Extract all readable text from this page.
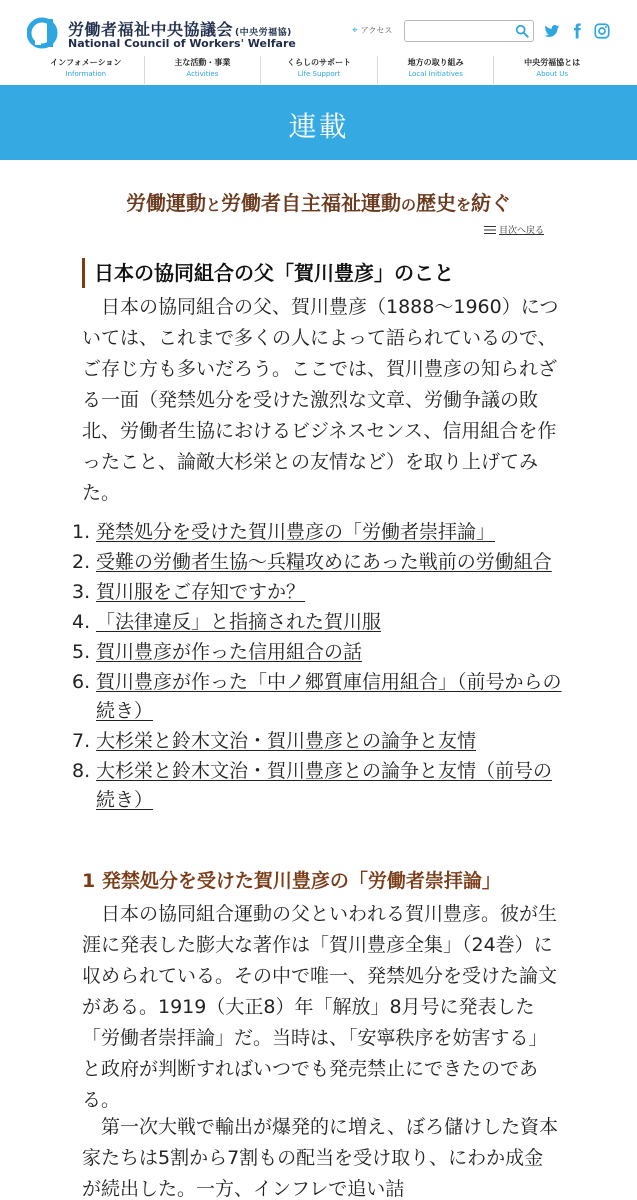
労働者福祉中央協議会 (中央労福協)
National Council of Workers' Welfare
⌖ アクセス
インフォメーション
Information
主な活動・事業
Activities
くらしのサポート
Life Support
地方の取り組み
Local Initiatives
中央労福協とは
About Us
連載
労働運動と労働者自主福祉運動の歴史を紡ぐ
目次へ戻る
日本の協同組合の父「賀川豊彦」のこと
　日本の協同組合の父、賀川豊彦（1888〜1960）については、これまで多くの人によって語られているので、ご存じ方も多いだろう。ここでは、賀川豊彦の知られざる一面（発禁処分を受けた激烈な文章、労働争議の敗北、労働者生協におけるビジネスセンス、信用組合を作ったこと、論敵大杉栄との友情など）を取り上げてみた。
1. 発禁処分を受けた賀川豊彦の「労働者崇拝論」
2. 受難の労働者生協〜兵糧攻めにあった戦前の労働組合
3. 賀川服をご存知ですか？
4. 「法律違反」と指摘された賀川服
5. 賀川豊彦が作った信用組合の話
6. 賀川豊彦が作った「中ノ郷質庫信用組合」（前号からの続き）
7. 大杉栄と鈴木文治・賀川豊彦との論争と友情
8. 大杉栄と鈴木文治・賀川豊彦との論争と友情（前号の続き）
1 発禁処分を受けた賀川豊彦の「労働者崇拝論」
　日本の協同組合運動の父といわれる賀川豊彦。彼が生涯に発表した膨大な著作は「賀川豊彦全集」（24巻）に収められている。その中で唯一、発禁処分を受けた論文がある。1919（大正8）年「解放」8月号に発表した「労働者崇拝論」だ。当時は、「安寧秩序を妨害する」と政府が判断すればいつでも発売禁止にできたのである。
　第一次大戦で輸出が爆発的に増え、ぼろ儲けした資本家たちは5割から7割もの配当を受け取り、にわか成金が続出した。一方、インフレで追い詰
